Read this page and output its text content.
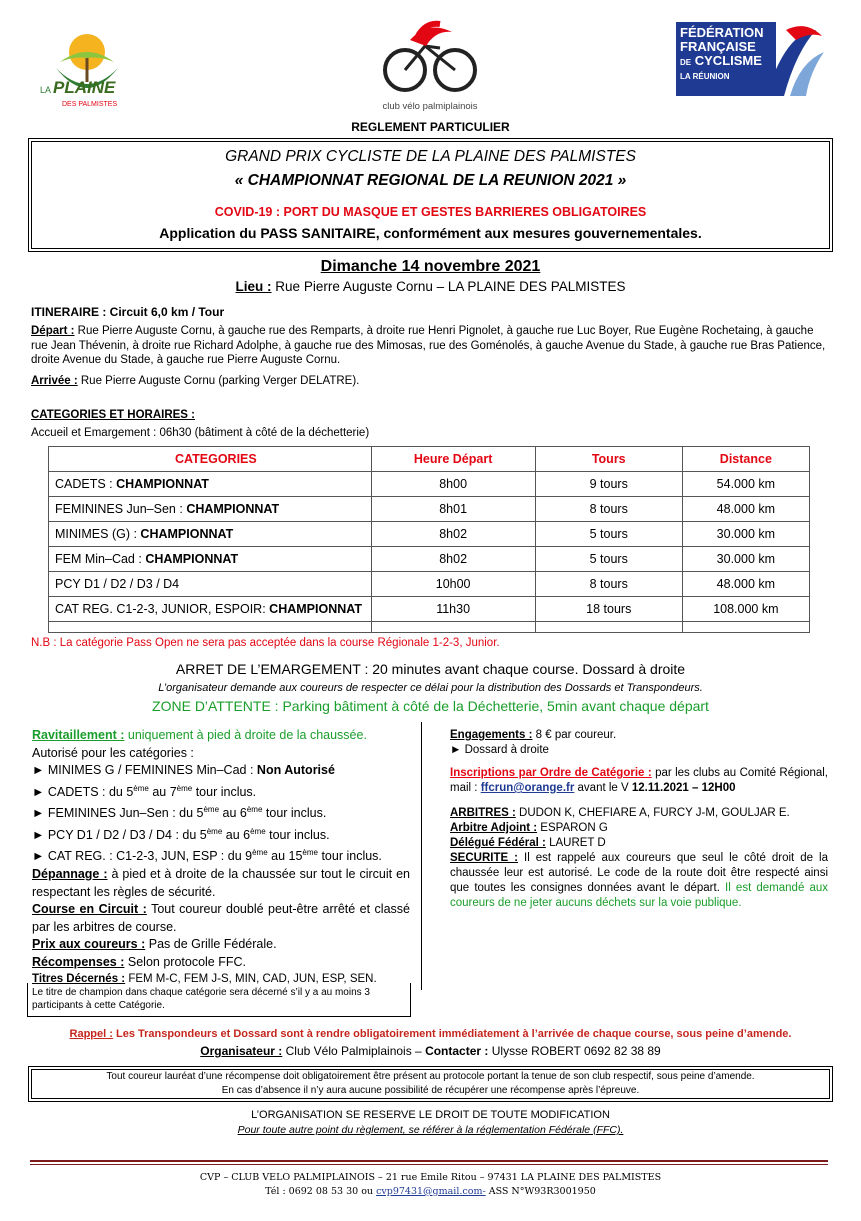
LA PLAINE
DES PALMISTES	club vélo palmiplainois
FÉDÉRATION
FRANÇAISE
DE CYCLISME
LA RÉUNION
REGLEMENT PARTICULIER
GRAND PRIX CYCLISTE DE LA PLAINE DES PALMISTES
« CHAMPIONNAT REGIONAL DE LA REUNION 2021 »
COVID-19 : PORT DU MASQUE ET GESTES BARRIERES OBLIGATOIRES
Application du PASS SANITAIRE, conformément aux mesures gouvernementales.
Dimanche 14 novembre 2021
Lieu : Rue Pierre Auguste Cornu – LA PLAINE DES PALMISTES
ITINERAIRE : Circuit 6,0 km / Tour
Départ : Rue Pierre Auguste Cornu, à gauche rue des Remparts, à droite rue Henri Pignolet, à gauche rue Luc Boyer, Rue Eugène Rochetaing, à gauche rue Jean Thévenin, à droite rue Richard Adolphe, à gauche rue des Mimosas, rue des Goménolés, à gauche Avenue du Stade, à gauche rue Bras Patience, droite Avenue du Stade, à gauche rue Pierre Auguste Cornu.
Arrivée : Rue Pierre Auguste Cornu (parking Verger DELATRE).
CATEGORIES ET HORAIRES :
Accueil et Emargement : 06h30 (bâtiment à côté de la déchetterie)
CATEGORIES	Heure Départ	Tours	Distance
CADETS : CHAMPIONNAT	8h00	9 tours	54.000 km
FEMININES Jun–Sen : CHAMPIONNAT	8h01	8 tours	48.000 km
MINIMES (G) : CHAMPIONNAT	8h02	5 tours	30.000 km
FEM Min–Cad : CHAMPIONNAT	8h02	5 tours	30.000 km
PCY D1 / D2 / D3 / D4	10h00	8 tours	48.000 km
CAT REG. C1-2-3, JUNIOR, ESPOIR: CHAMPIONNAT	11h30	18 tours	108.000 km

N.B : La catégorie Pass Open ne sera pas acceptée dans la course Régionale 1-2-3, Junior.
ARRET DE L’EMARGEMENT : 20 minutes avant chaque course. Dossard à droite
L’organisateur demande aux coureurs de respecter ce délai pour la distribution des Dossards et Transpondeurs.
ZONE D’ATTENTE : Parking bâtiment à côté de la Déchetterie, 5min avant chaque départ
Ravitaillement : uniquement à pied à droite de la chaussée.
Autorisé pour les catégories :
► MINIMES G / FEMININES Min–Cad : Non Autorisé
► CADETS : du 5ème au 7ème tour inclus.
► FEMININES Jun–Sen : du 5ème au 6ème tour inclus.
► PCY D1 / D2 / D3 / D4 : du 5ème au 6ème tour inclus.
► CAT REG. : C1-2-3, JUN, ESP : du 9ème au 15ème tour inclus.
Dépannage : à pied et à droite de la chaussée sur tout le circuit en respectant les règles de sécurité.
Course en Circuit : Tout coureur doublé peut-être arrêté et classé par les arbitres de course.
Prix aux coureurs : Pas de Grille Fédérale.
Récompenses : Selon protocole FFC.
Titres Décernés : FEM M-C, FEM J-S, MIN, CAD, JUN, ESP, SEN.
Le titre de champion dans chaque catégorie sera décerné s’il y a au moins 3 participants à cette Catégorie.
Engagements : 8 € par coureur.
► Dossard à droite
Inscriptions par Ordre de Catégorie : par les clubs au Comité Régional, mail : ffcrun@orange.fr avant le V 12.11.2021 – 12H00
ARBITRES : DUDON K, CHEFIARE A, FURCY J-M, GOULJAR E.
Arbitre Adjoint : ESPARON G
Délégué Fédéral : LAURET D
SECURITE : Il est rappelé aux coureurs que seul le côté droit de la chaussée leur est autorisé. Le code de la route doit être respecté ainsi que toutes les consignes données avant le départ. Il est demandé aux coureurs de ne jeter aucuns déchets sur la voie publique.
Rappel : Les Transpondeurs et Dossard sont à rendre obligatoirement immédiatement à l’arrivée de chaque course, sous peine d’amende.
Organisateur : Club Vélo Palmiplainois – Contacter : Ulysse ROBERT 0692 82 38 89
Tout coureur lauréat d’une récompense doit obligatoirement être présent au protocole portant la tenue de son club respectif, sous peine d’amende.
En cas d’absence il n’y aura aucune possibilité de récupérer une récompense après l’épreuve.
L’ORGANISATION SE RESERVE LE DROIT DE TOUTE MODIFICATION
Pour toute autre point du règlement, se référer à la réglementation Fédérale (FFC).
CVP – CLUB VELO PALMIPLAINOIS – 21 rue Emile Ritou – 97431 LA PLAINE DES PALMISTES
Tél : 0692 08 53 30 ou cvp97431@gmail.com- ASS N°W93R3001950
